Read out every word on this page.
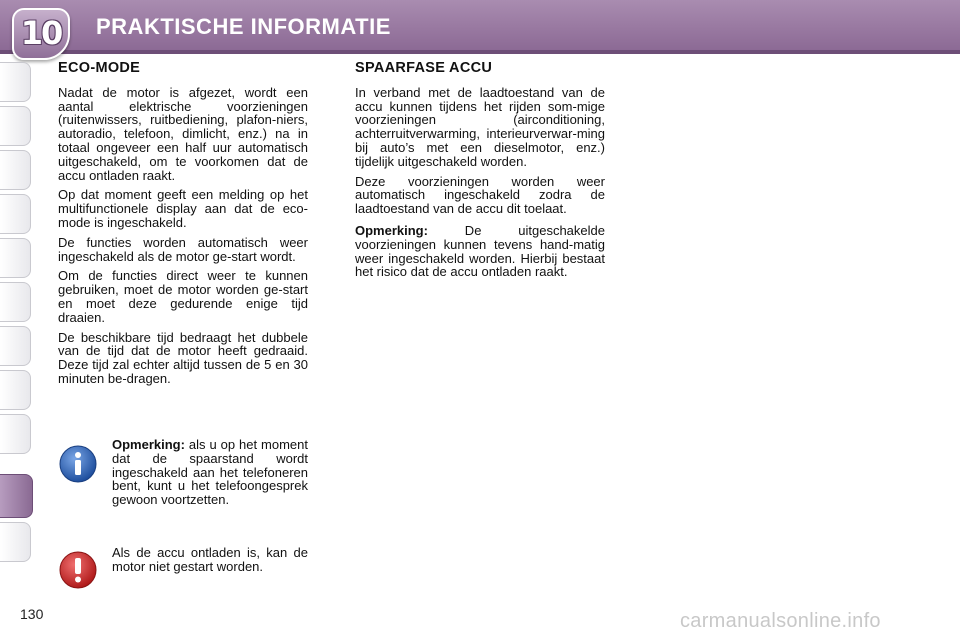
10	PRAKTISCHE INFORMATIE
ECO-MODE

Nadat de motor is afgezet, wordt een aantal elektrische voorzieningen (ruitenwissers, ruitbediening, plafon-niers, autoradio, telefoon, dimlicht, enz.) na in totaal ongeveer een half uur automatisch uitgeschakeld, om te voorkomen dat de accu ontladen raakt.

Op dat moment geeft een melding op het multifunctionele display aan dat de eco-mode is ingeschakeld.

De functies worden automatisch weer ingeschakeld als de motor ge-start wordt.

Om de functies direct weer te kunnen gebruiken, moet de motor worden ge-start en moet deze gedurende enige tijd draaien.

De beschikbare tijd bedraagt het dubbele van de tijd dat de motor heeft gedraaid. Deze tijd zal echter altijd tussen de 5 en 30 minuten be-dragen.

SPAARFASE ACCU

In verband met de laadtoestand van de accu kunnen tijdens het rijden som-mige voorzieningen (airconditioning, achterruitverwarming, interieurverwar-ming bij auto’s met een dieselmotor, enz.) tijdelijk uitgeschakeld worden.

Deze voorzieningen worden weer automatisch ingeschakeld zodra de laadtoestand van de accu dit toelaat.

Opmerking: De uitgeschakelde voorzieningen kunnen tevens hand-matig weer ingeschakeld worden. Hierbij bestaat het risico dat de accu ontladen raakt.

Opmerking: als u op het moment dat de spaarstand wordt ingeschakeld aan het telefoneren bent, kunt u het telefoongesprek gewoon voortzetten.
Als de accu ontladen is, kan de motor niet gestart worden.
130	carmanualsonline.info
